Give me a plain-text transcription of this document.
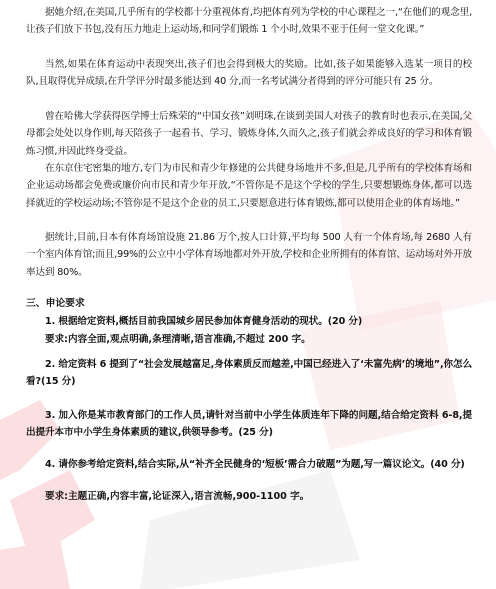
据她介绍,在美国,几乎所有的学校都十分重视体育,均把体育列为学校的中心课程之一,“在他们的观念里,让孩子们放下书包,没有压力地走上运动场,和同学们锻炼 1 个小时,效果不亚于任何一堂文化课。”

当然,如果在体育运动中表现突出,孩子们也会得到极大的奖励。比如,孩子如果能够入选某一项目的校队,且取得优异成绩,在升学评分时最多能达到 40 分,而一名考试满分者得到的评分可能只有 25 分。

曾在哈佛大学获得医学博士后殊荣的“中国女孩”刘明珠,在谈到美国人对孩子的教育时也表示,在美国,父母都会处处以身作则,每天陪孩子一起看书、学习、锻炼身体,久而久之,孩子们就会养成良好的学习和体育锻炼习惯,并因此终身受益。

在东京住宅密集的地方,专门为市民和青少年修建的公共健身场地并不多,但是,几乎所有的学校体育场和企业运动场都会免费或廉价向市民和青少年开放,“不管你是不是这个学校的学生,只要想锻炼身体,都可以选择就近的学校运动场;不管你是不是这个企业的员工,只要愿意进行体育锻炼,都可以使用企业的体育场地。”

据统计,目前,日本有体育场馆设施 21.86 万个,按人口计算,平均每 500 人有一个体育场,每 2680 人有一个室内体育馆;而且,99%的公立中小学体育场地都对外开放,学校和企业所拥有的体育馆、运动场对外开放率达到 80%。

三、申论要求

1. 根据给定资料,概括目前我国城乡居民参加体育健身活动的现状。(20 分)

要求:内容全面,观点明确,条理清晰,语言准确,不超过 200 字。

2. 给定资料 6 提到了“社会发展越富足,身体素质反而越差,中国已经进入了‘未富先病’的境地”,你怎么看?(15 分)

3. 加入你是某市教育部门的工作人员,请针对当前中小学生体质连年下降的问题,结合给定资料 6-8,提出提升本市中小学生身体素质的建议,供领导参考。(25 分)

4. 请你参考给定资料,结合实际,从“补齐全民健身的‘短板’需合力破题”为题,写一篇议论文。(40 分)

要求:主题正确,内容丰富,论证深入,语言流畅,900-1100 字。
